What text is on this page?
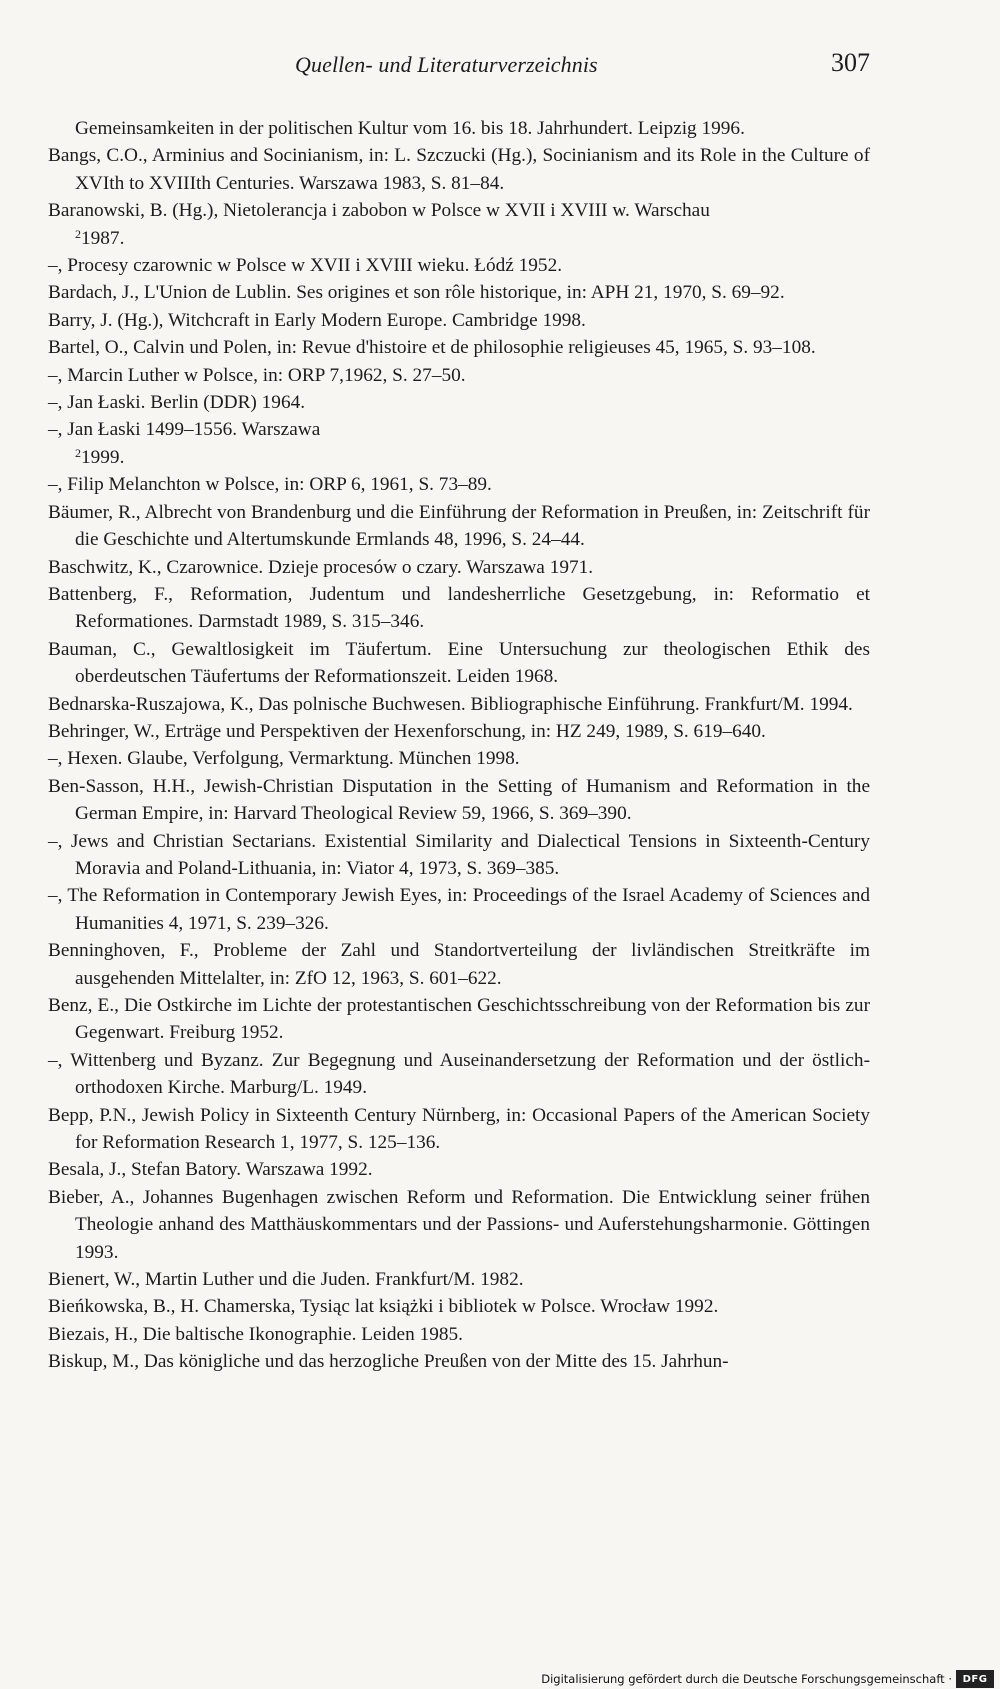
Quellen- und Literaturverzeichnis	307
Gemeinsamkeiten in der politischen Kultur vom 16. bis 18. Jahrhundert. Leipzig 1996.
Bangs, C.O., Arminius and Socinianism, in: L. Szczucki (Hg.), Socinianism and its Role in the Culture of XVIth to XVIIIth Centuries. Warszawa 1983, S. 81–84.
Baranowski, B. (Hg.), Nietolerancja i zabobon w Polsce w XVII i XVIII w. Warschau
$^2$1987.
–, Procesy czarownic w Polsce w XVII i XVIII wieku. Łódź 1952.
Bardach, J., L'Union de Lublin. Ses origines et son rôle historique, in: APH 21, 1970, S. 69–92.
Barry, J. (Hg.), Witchcraft in Early Modern Europe. Cambridge 1998.
Bartel, O., Calvin und Polen, in: Revue d'histoire et de philosophie religieuses 45, 1965, S. 93–108.
–, Marcin Luther w Polsce, in: ORP 7,1962, S. 27–50.
–, Jan Łaski. Berlin (DDR) 1964.
–, Jan Łaski 1499–1556. Warszawa
$^2$1999.
–, Filip Melanchton w Polsce, in: ORP 6, 1961, S. 73–89.
Bäumer, R., Albrecht von Brandenburg und die Einführung der Reformation in Preußen, in: Zeitschrift für die Geschichte und Altertumskunde Ermlands 48, 1996, S. 24–44.
Baschwitz, K., Czarownice. Dzieje procesów o czary. Warszawa 1971.
Battenberg, F., Reformation, Judentum und landesherrliche Gesetzgebung, in: Reformatio et Reformationes. Darmstadt 1989, S. 315–346.
Bauman, C., Gewaltlosigkeit im Täufertum. Eine Untersuchung zur theologischen Ethik des oberdeutschen Täufertums der Reformationszeit. Leiden 1968.
Bednarska-Ruszajowa, K., Das polnische Buchwesen. Bibliographische Einführung. Frankfurt/M. 1994.
Behringer, W., Erträge und Perspektiven der Hexenforschung, in: HZ 249, 1989, S. 619–640.
–, Hexen. Glaube, Verfolgung, Vermarktung. München 1998.
Ben-Sasson, H.H., Jewish-Christian Disputation in the Setting of Humanism and Reformation in the German Empire, in: Harvard Theological Review 59, 1966, S. 369–390.
–, Jews and Christian Sectarians. Existential Similarity and Dialectical Tensions in Sixteenth-Century Moravia and Poland-Lithuania, in: Viator 4, 1973, S. 369–385.
–, The Reformation in Contemporary Jewish Eyes, in: Proceedings of the Israel Academy of Sciences and Humanities 4, 1971, S. 239–326.
Benninghoven, F., Probleme der Zahl und Standortverteilung der livländischen Streitkräfte im ausgehenden Mittelalter, in: ZfO 12, 1963, S. 601–622.
Benz, E., Die Ostkirche im Lichte der protestantischen Geschichtsschreibung von der Reformation bis zur Gegenwart. Freiburg 1952.
–, Wittenberg und Byzanz. Zur Begegnung und Auseinandersetzung der Reformation und der östlich-orthodoxen Kirche. Marburg/L. 1949.
Bepp, P.N., Jewish Policy in Sixteenth Century Nürnberg, in: Occasional Papers of the American Society for Reformation Research 1, 1977, S. 125–136.
Besala, J., Stefan Batory. Warszawa 1992.
Bieber, A., Johannes Bugenhagen zwischen Reform und Reformation. Die Entwicklung seiner frühen Theologie anhand des Matthäuskommentars und der Passions- und Auferstehungsharmonie. Göttingen 1993.
Bienert, W., Martin Luther und die Juden. Frankfurt/M. 1982.
Bieńkowska, B., H. Chamerska, Tysiąc lat książki i bibliotek w Polsce. Wrocław 1992.
Biezais, H., Die baltische Ikonographie. Leiden 1985.
Biskup, M., Das königliche und das herzogliche Preußen von der Mitte des 15. Jahrhun-
Digitalisierung gefördert durch die Deutsche Forschungsgemeinschaft ·	DFG
